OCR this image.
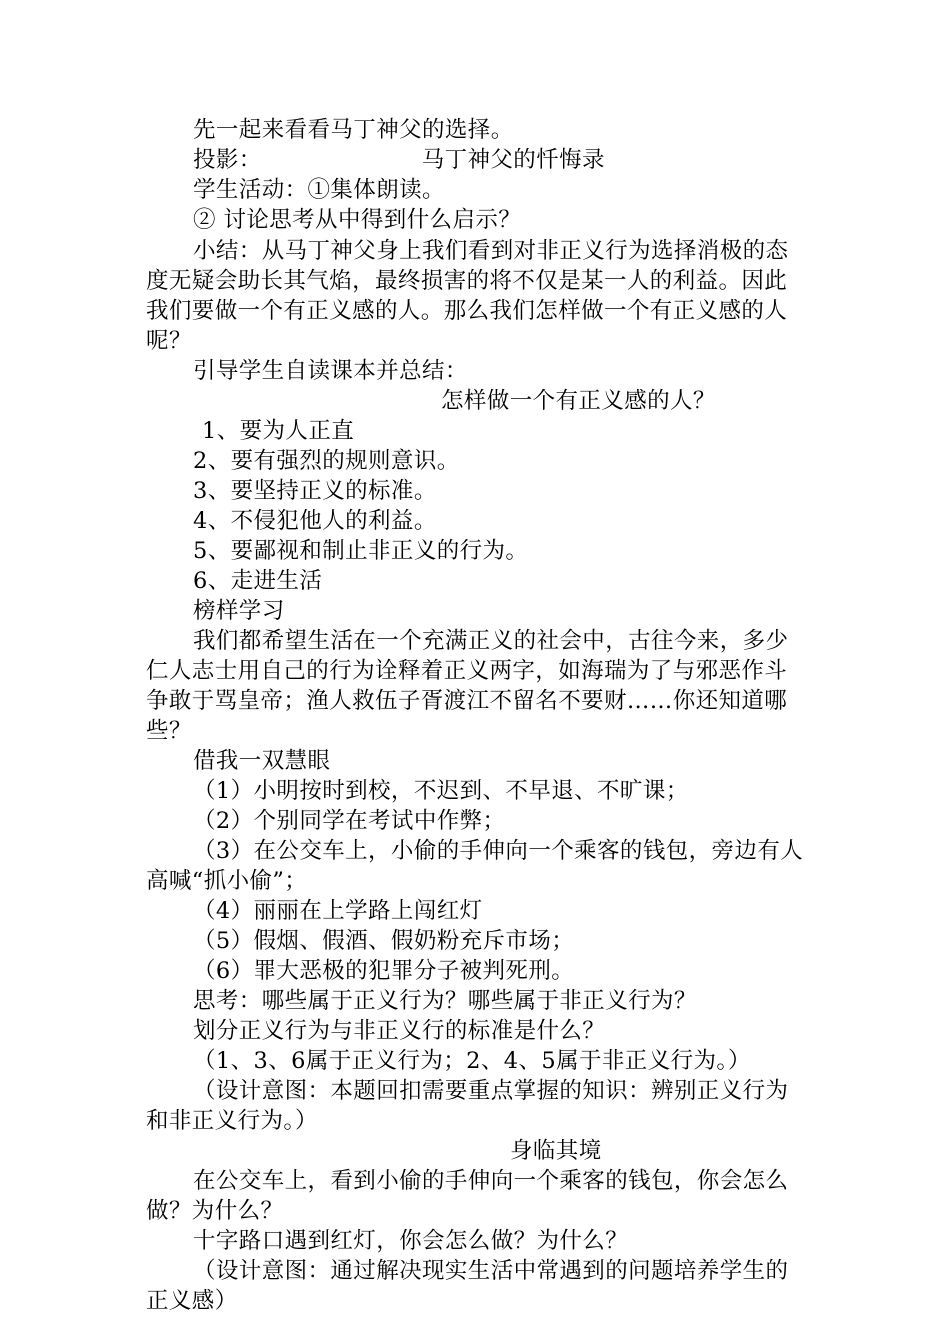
先一起来看看马丁神父的选择。
投影：	马丁神父的忏悔录
学生活动：①集体朗读。
② 讨论思考从中得到什么启示？
小结：从马丁神父身上我们看到对非正义行为选择消极的态
度无疑会助长其气焰，最终损害的将不仅是某一人的利益。因此
我们要做一个有正义感的人。那么我们怎样做一个有正义感的人
呢？
引导学生自读课本并总结：
怎样做一个有正义感的人？
1、要为人正直
2、要有强烈的规则意识。
3、要坚持正义的标准。
4、不侵犯他人的利益。
5、要鄙视和制止非正义的行为。
6、走进生活
榜样学习
我们都希望生活在一个充满正义的社会中，古往今来，多少
仁人志士用自己的行为诠释着正义两字，如海瑞为了与邪恶作斗
争敢于骂皇帝；渔人救伍子胥渡江不留名不要财……你还知道哪
些？
借我一双慧眼
（1）小明按时到校，不迟到、不早退、不旷课；
（2）个别同学在考试中作弊；
（3）在公交车上，小偷的手伸向一个乘客的钱包，旁边有人
高喊“抓小偷”；
（4）丽丽在上学路上闯红灯
（5）假烟、假酒、假奶粉充斥市场；
（6）罪大恶极的犯罪分子被判死刑。
思考：哪些属于正义行为？哪些属于非正义行为？
划分正义行为与非正义行的标准是什么？
（1、3、6属于正义行为；2、4、5属于非正义行为。）
（设计意图：本题回扣需要重点掌握的知识：辨别正义行为
和非正义行为。）
身临其境
在公交车上，看到小偷的手伸向一个乘客的钱包，你会怎么
做？为什么？
十字路口遇到红灯，你会怎么做？为什么？
（设计意图：通过解决现实生活中常遇到的问题培养学生的
正义感）
